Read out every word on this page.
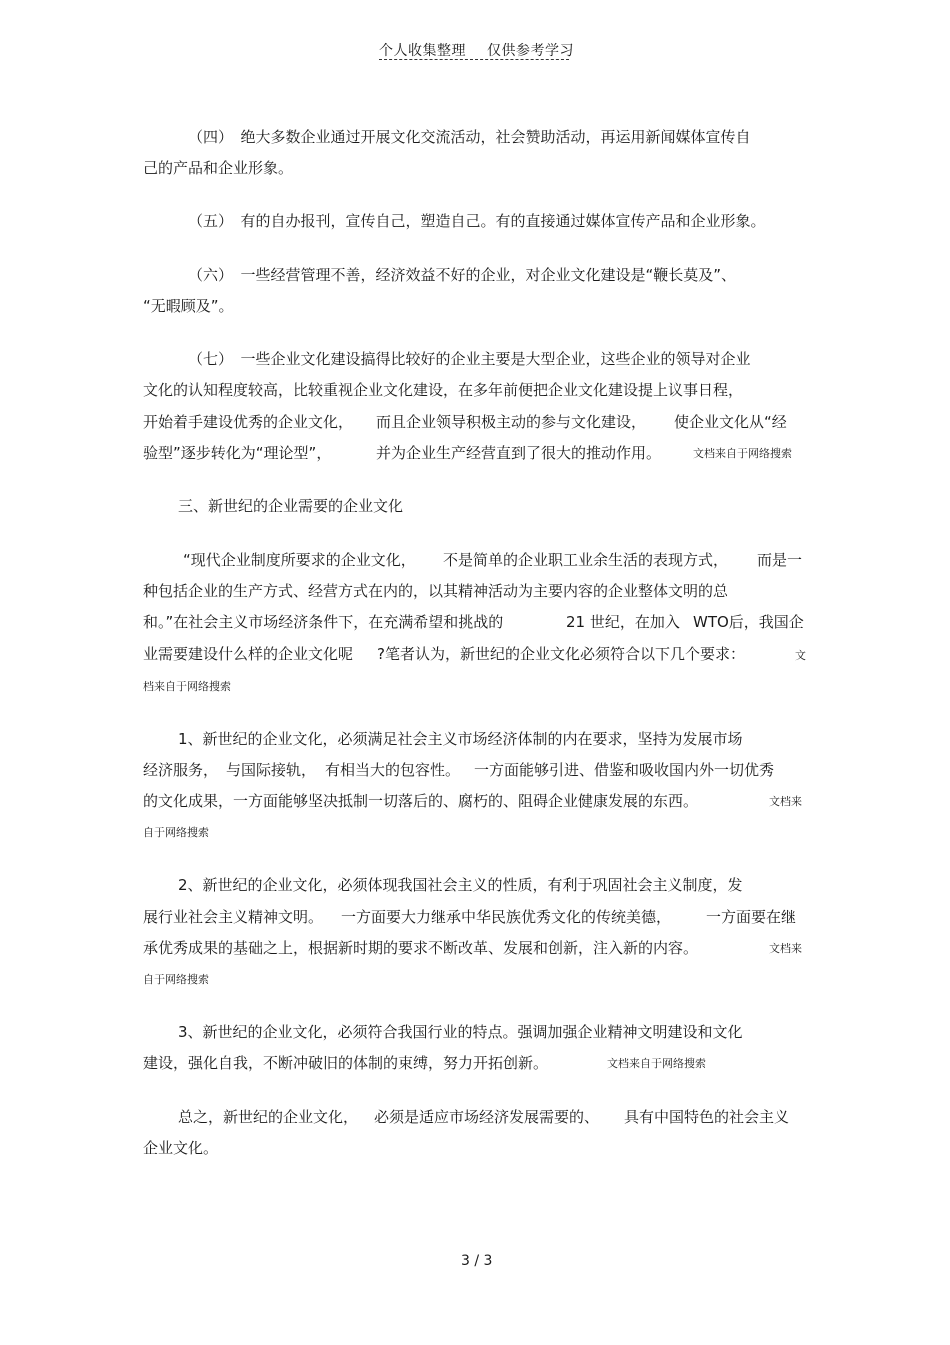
个人收集整理 仅供参考学习
（四）　绝大多数企业通过开展文化交流活动，社会赞助活动，再运用新闻媒体宣传自
己的产品和企业形象。
（五）　有的自办报刊，宣传自己，塑造自己。有的直接通过媒体宣传产品和企业形象。
（六）　一些经营管理不善，经济效益不好的企业，对企业文化建设是“鞭长莫及”、
“无暇顾及”。
（七）　一些企业文化建设搞得比较好的企业主要是大型企业，这些企业的领导对企业
文化的认知程度较高，比较重视企业文化建设，在多年前便把企业文化建设提上议事日程，
开始着手建设优秀的企业文化， 而且企业领导积极主动的参与文化建设， 使企业文化从“经
验型”逐步转化为“理论型”，	并为企业生产经营直到了很大的推动作用。	文档来自于网络搜索
三、新世纪的企业需要的企业文化
“现代企业制度所要求的企业文化， 不是简单的企业职工业余生活的表现方式， 而是一
种包括企业的生产方式、经营方式在内的，以其精神活动为主要内容的企业整体文明的总
和。”在社会主义市场经济条件下，在充满希望和挑战的	21 世纪，在加入 WTO后，我国企
业需要建设什么样的企业文化呢 ?笔者认为，新世纪的企业文化必须符合以下几个要求：	文
档来自于网络搜索
1、新世纪的企业文化，必须满足社会主义市场经济体制的内在要求，坚持为发展市场
经济服务， 与国际接轨， 有相当大的包容性。 一方面能够引进、借鉴和吸收国内外一切优秀
的文化成果，一方面能够坚决抵制一切落后的、腐朽的、阻碍企业健康发展的东西。	文档来
自于网络搜索
2、新世纪的企业文化，必须体现我国社会主义的性质，有利于巩固社会主义制度，发
展行业社会主义精神文明。 一方面要大力继承中华民族优秀文化的传统美德， 一方面要在继
承优秀成果的基础之上，根据新时期的要求不断改革、发展和创新，注入新的内容。	文档来
自于网络搜索
3、新世纪的企业文化，必须符合我国行业的特点。强调加强企业精神文明建设和文化
建设，强化自我，不断冲破旧的体制的束缚，努力开拓创新。	文档来自于网络搜索
总之，新世纪的企业文化， 必须是适应市场经济发展需要的、 具有中国特色的社会主义
企业文化。
3 / 3
